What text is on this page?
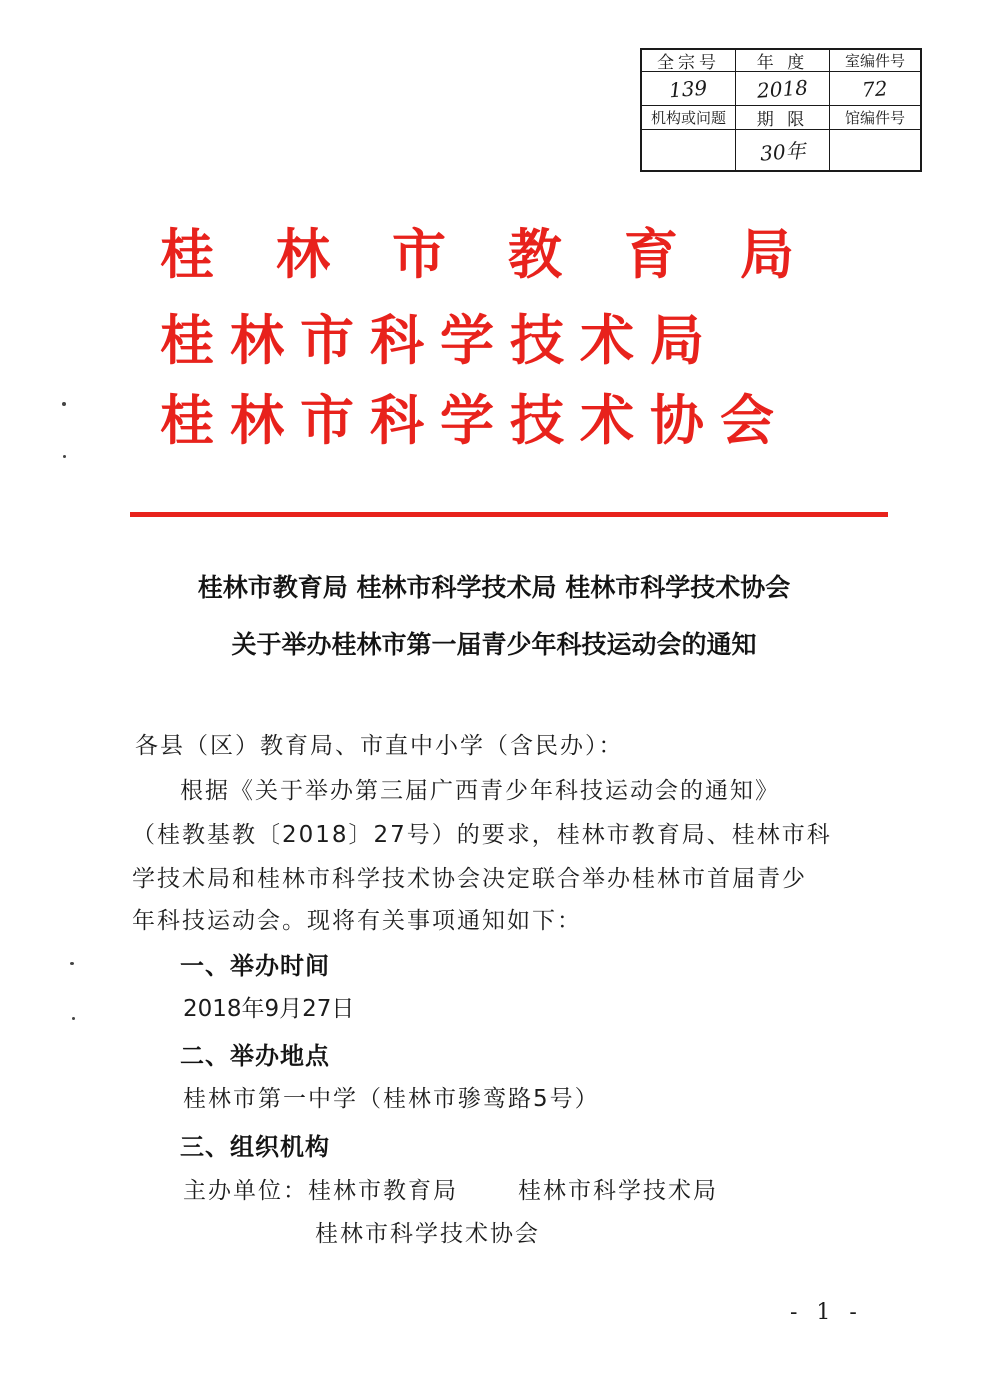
全宗号 年 度 室编件号
139 2018	72
机构或问题 期 限 馆编件号
30年
桂林市教育局
桂林市科学技术局
桂林市科学技术协会
桂林市教育局 桂林市科学技术局 桂林市科学技术协会
关于举办桂林市第一届青少年科技运动会的通知
各县（区）教育局、市直中小学（含民办）：
根据《关于举办第三届广西青少年科技运动会的通知》
（桂教基教〔2018〕27号）的要求，桂林市教育局、桂林市科
学技术局和桂林市科学技术协会决定联合举办桂林市首届青少
年科技运动会。现将有关事项通知如下：
一、举办时间
2018年9月27日
二、举办地点
桂林市第一中学（桂林市骖鸾路5号）
三、组织机构
主办单位：桂林市教育局	桂林市科学技术局
桂林市科学技术协会
- 1 -
